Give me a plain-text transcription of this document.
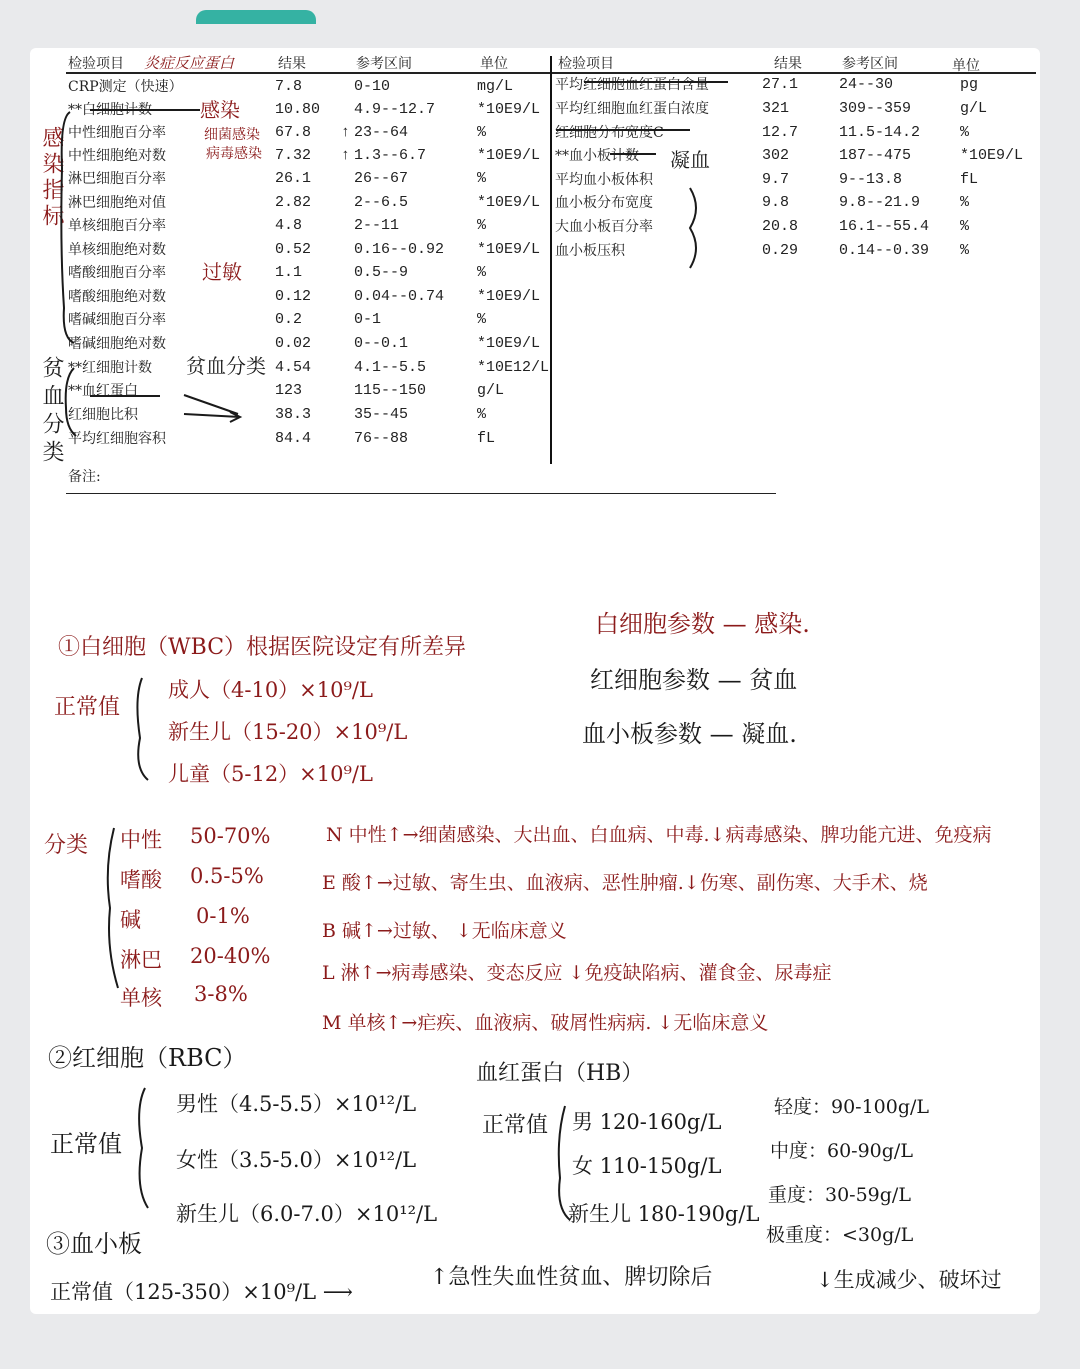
检验项目	结果	参考区间	单位	检验项目	结果	参考区间	单位
CRP测定（快速）	7.8	0-10	mg/L
**白细胞计数	10.80 4.9--12.7	*10E9/L
中性细胞百分率	67.8 ↑ 23--64	%
中性细胞绝对数	7.32 ↑ 1.3--6.7	*10E9/L
淋巴细胞百分率	26.1	26--67	%
淋巴细胞绝对值	2.82	2--6.5	*10E9/L
单核细胞百分率	4.8	2--11	%
单核细胞绝对数	0.52	0.16--0.92 *10E9/L
嗜酸细胞百分率	1.1	0.5--9	%
嗜酸细胞绝对数	0.12	0.04--0.74 *10E9/L
嗜碱细胞百分率	0.2	0-1	%
嗜碱细胞绝对数	0.02	0--0.1	*10E9/L
**红细胞计数	4.54	4.1--5.5	*10E12/L
**血红蛋白	123	115--150	g/L
红细胞比积	38.3	35--45	%
平均红细胞容积	84.4	76--88	fL
平均红细胞血红蛋白含量	27.1	24--30	pg
平均红细胞血红蛋白浓度	321	309--359	g/L
红细胞分布宽度C	12.7	11.5-14.2	%
**血小板计数	302	187--475	*10E9/L
平均血小板体积	9.7	9--13.8	fL
血小板分布宽度	9.8	9.8--21.9	%
大血小板百分率	20.8	16.1--55.4 %
血小板压积	0.29	0.14--0.39 %
备注:
炎症反应蛋白
感染
细菌感染
病毒感染
过敏
感染指标
贫血分类
贫血分类
凝血
白细胞参数 — 感染.
红细胞参数 — 贫血
血小板参数 — 凝血.
①白细胞（WBC）根据医院设定有所差异
正常值
成人（4-10）×10⁹/L
新生儿（15-20）×10⁹/L
儿童（5-12）×10⁹/L
分类 中性 50-70%
嗜酸 0.5-5%
碱	0-1%
淋巴 20-40%
单核 3-8%
N 中性↑→细菌感染、大出血、白血病、中毒.↓病毒感染、脾功能亢进、免疫病
E 酸↑→过敏、寄生虫、血液病、恶性肿瘤.↓伤寒、副伤寒、大手术、烧
B 碱↑→过敏、 ↓无临床意义
L 淋↑→病毒感染、变态反应 ↓免疫缺陷病、灌食金、尿毒症
M 单核↑→疟疾、血液病、破屑性病病. ↓无临床意义
②红细胞（RBC）
正常值
男性（4.5-5.5）×10¹²/L
女性（3.5-5.0）×10¹²/L
新生儿（6.0-7.0）×10¹²/L
血红蛋白（HB）
正常值 男 120-160g/L
女 110-150g/L
新生儿 180-190g/L
轻度：90-100g/L
中度：60-90g/L
重度：30-59g/L
极重度：<30g/L
③血小板
正常值（125-350）×10⁹/L ⟶
↑急性失血性贫血、脾切除后	↓生成减少、破坏过
